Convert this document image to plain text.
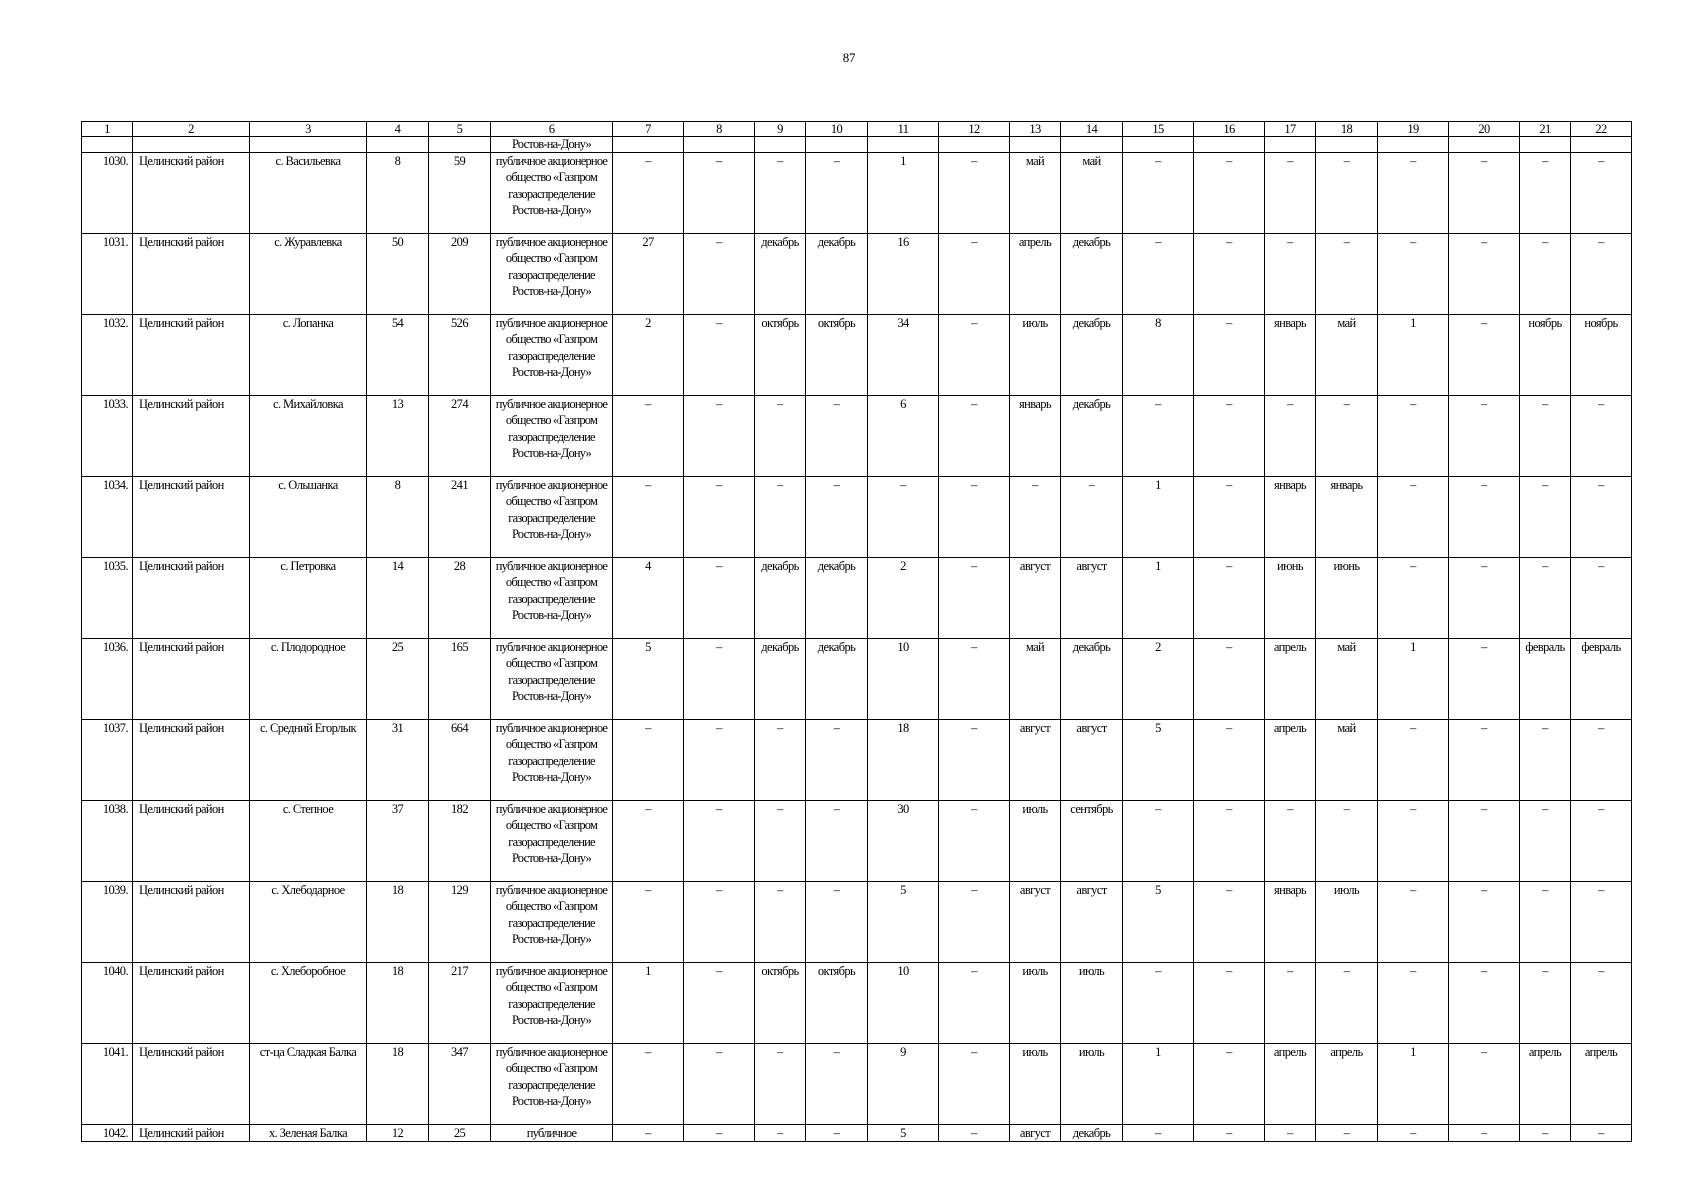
87
1	2	3	4	5	6	7	8	9	10	11	12	13	14	15	16	17	18	19	20	21	22
					Ростов-на-Дону»																
1030.	Целинский район	с. Васильевка	8	59	публичное акционерное общество «Газпром газораспределение Ростов-на-Дону»	–	–	–	–	1	–	май	май	–	–	–	–	–	–	–	–
1031.	Целинский район	с. Журавлевка	50	209	публичное акционерное общество «Газпром газораспределение Ростов-на-Дону»	27	–	декабрь	декабрь	16	–	апрель	декабрь	–	–	–	–	–	–	–	–
1032.	Целинский район	с. Лопанка	54	526	публичное акционерное общество «Газпром газораспределение Ростов-на-Дону»	2	–	октябрь	октябрь	34	–	июль	декабрь	8	–	январь	май	1	–	ноябрь	ноябрь
1033.	Целинский район	с. Михайловка	13	274	публичное акционерное общество «Газпром газораспределение Ростов-на-Дону»	–	–	–	–	6	–	январь	декабрь	–	–	–	–	–	–	–	–
1034.	Целинский район	с. Ольшанка	8	241	публичное акционерное общество «Газпром газораспределение Ростов-на-Дону»	–	–	–	–	–	–	–	–	1	–	январь	январь	–	–	–	–
1035.	Целинский район	с. Петровка	14	28	публичное акционерное общество «Газпром газораспределение Ростов-на-Дону»	4	–	декабрь	декабрь	2	–	август	август	1	–	июнь	июнь	–	–	–	–
1036.	Целинский район	с. Плодородное	25	165	публичное акционерное общество «Газпром газораспределение Ростов-на-Дону»	5	–	декабрь	декабрь	10	–	май	декабрь	2	–	апрель	май	1	–	февраль	февраль
1037.	Целинский район	с. Средний Егорлык	31	664	публичное акционерное общество «Газпром газораспределение Ростов-на-Дону»	–	–	–	–	18	–	август	август	5	–	апрель	май	–	–	–	–
1038.	Целинский район	с. Степное	37	182	публичное акционерное общество «Газпром газораспределение Ростов-на-Дону»	–	–	–	–	30	–	июль	сентябрь	–	–	–	–	–	–	–	–
1039.	Целинский район	с. Хлебодарное	18	129	публичное акционерное общество «Газпром газораспределение Ростов-на-Дону»	–	–	–	–	5	–	август	август	5	–	январь	июль	–	–	–	–
1040.	Целинский район	с. Хлеборобное	18	217	публичное акционерное общество «Газпром газораспределение Ростов-на-Дону»	1	–	октябрь	октябрь	10	–	июль	июль	–	–	–	–	–	–	–	–
1041.	Целинский район	ст-ца Сладкая Балка	18	347	публичное акционерное общество «Газпром газораспределение Ростов-на-Дону»	–	–	–	–	9	–	июль	июль	1	–	апрель	апрель	1	–	апрель	апрель
1042.	Целинский район	х. Зеленая Балка	12	25	публичное	–	–	–	–	5	–	август	декабрь	–	–	–	–	–	–	–	–
